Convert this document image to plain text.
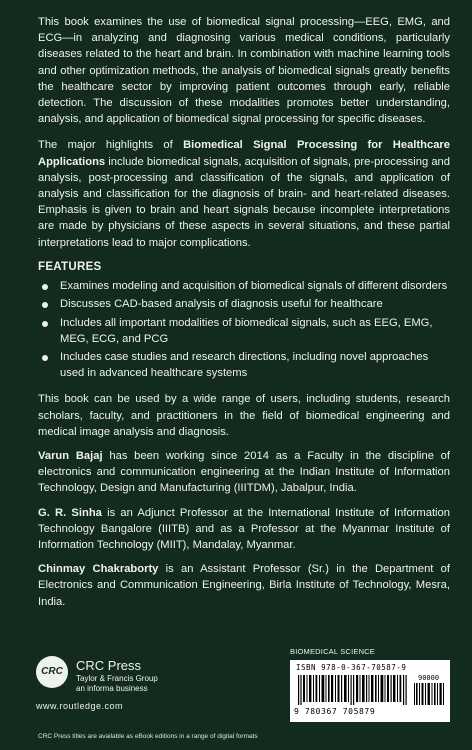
This book examines the use of biomedical signal processing—EEG, EMG, and ECG—in analyzing and diagnosing various medical conditions, particularly diseases related to the heart and brain. In combination with machine learning tools and other optimization methods, the analysis of biomedical signals greatly benefits the healthcare sector by improving patient outcomes through early, reliable detection. The discussion of these modalities promotes better understanding, analysis, and application of biomedical signal processing for specific diseases.

The major highlights of Biomedical Signal Processing for Healthcare Applications include biomedical signals, acquisition of signals, pre-processing and analysis, post-processing and classification of the signals, and application of analysis and classification for the diagnosis of brain- and heart-related diseases. Emphasis is given to brain and heart signals because incomplete interpretations are made by physicians of these aspects in several situations, and these partial interpretations lead to major complications.

FEATURES
Examines modeling and acquisition of biomedical signals of different disorders
Discusses CAD-based analysis of diagnosis useful for healthcare
Includes all important modalities of biomedical signals, such as EEG, EMG, MEG, ECG, and PCG
Includes case studies and research directions, including novel approaches used in advanced healthcare systems

This book can be used by a wide range of users, including students, research scholars, faculty, and practitioners in the field of biomedical engineering and medical image analysis and diagnosis.

Varun Bajaj has been working since 2014 as a Faculty in the discipline of electronics and communication engineering at the Indian Institute of Information Technology, Design and Manufacturing (IIITDM), Jabalpur, India.

G. R. Sinha is an Adjunct Professor at the International Institute of Information Technology Bangalore (IIITB) and as a Professor at the Myanmar Institute of Information Technology (MIIT), Mandalay, Myanmar.

Chinmay Chakraborty is an Assistant Professor (Sr.) in the Department of Electronics and Communication Engineering, Birla Institute of Technology, Mesra, India.

CRC	CRC Press
Taylor & Francis Group
an informa business
www.routledge.com
CRC Press titles are available as eBook editions in a range of digital formats
BIOMEDICAL SCIENCE
ISBN 978-0-367-70587-9
90000
9 780367 705879
